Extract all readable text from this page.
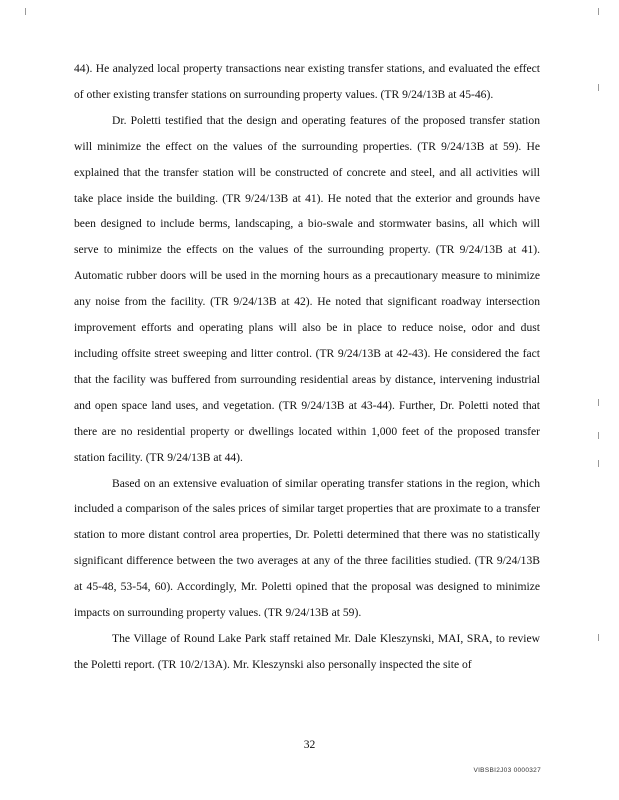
44). He analyzed local property transactions near existing transfer stations, and evaluated the effect of other existing transfer stations on surrounding property values. (TR 9/24/13B at 45-46).

Dr. Poletti testified that the design and operating features of the proposed transfer station will minimize the effect on the values of the surrounding properties. (TR 9/24/13B at 59). He explained that the transfer station will be constructed of concrete and steel, and all activities will take place inside the building. (TR 9/24/13B at 41). He noted that the exterior and grounds have been designed to include berms, landscaping, a bio-swale and stormwater basins, all which will serve to minimize the effects on the values of the surrounding property. (TR 9/24/13B at 41). Automatic rubber doors will be used in the morning hours as a precautionary measure to minimize any noise from the facility. (TR 9/24/13B at 42). He noted that significant roadway intersection improvement efforts and operating plans will also be in place to reduce noise, odor and dust including offsite street sweeping and litter control. (TR 9/24/13B at 42-43). He considered the fact that the facility was buffered from surrounding residential areas by distance, intervening industrial and open space land uses, and vegetation. (TR 9/24/13B at 43-44). Further, Dr. Poletti noted that there are no residential property or dwellings located within 1,000 feet of the proposed transfer station facility. (TR 9/24/13B at 44).

Based on an extensive evaluation of similar operating transfer stations in the region, which included a comparison of the sales prices of similar target properties that are proximate to a transfer station to more distant control area properties, Dr. Poletti determined that there was no statistically significant difference between the two averages at any of the three facilities studied. (TR 9/24/13B at 45-48, 53-54, 60). Accordingly, Mr. Poletti opined that the proposal was designed to minimize impacts on surrounding property values. (TR 9/24/13B at 59).

The Village of Round Lake Park staff retained Mr. Dale Kleszynski, MAI, SRA, to review the Poletti report. (TR 10/2/13A). Mr. Kleszynski also personally inspected the site of

32
VIBSBI2J03 0000327
